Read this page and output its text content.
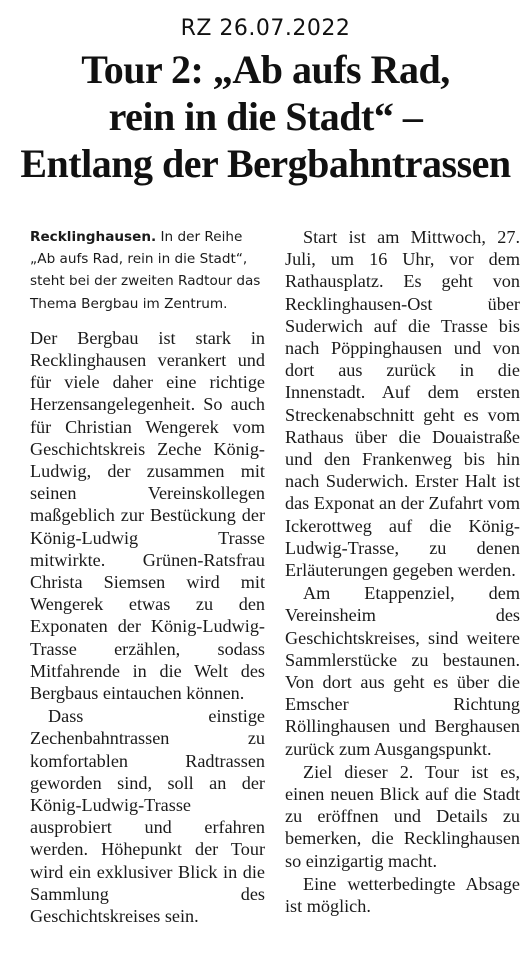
RZ 26.07.2022
Tour 2: „Ab aufs Rad,
rein in die Stadt“ –
Entlang der Bergbahntrassen

Recklinghausen. In der Reihe „Ab aufs Rad, rein in die Stadt“, steht bei der zweiten Radtour das Thema Bergbau im Zentrum.

Der Bergbau ist stark in Recklinghausen verankert und für viele daher eine richtige Herzensangelegenheit. So auch für Christian Wengerek vom Geschichtskreis Zeche König-Ludwig, der zusammen mit seinen Vereinskollegen maßgeblich zur Bestückung der König-Ludwig Trasse mitwirkte. Grünen-Ratsfrau Christa Siemsen wird mit Wengerek etwas zu den Exponaten der König-Ludwig-Trasse erzählen, sodass Mitfahrende in die Welt des Bergbaus eintauchen können.

Dass einstige Zechenbahntrassen zu komfortablen Radtrassen geworden sind, soll an der König-Ludwig-Trasse ausprobiert und erfahren werden. Höhepunkt der Tour wird ein exklusiver Blick in die Sammlung des Geschichtskreises sein.

Start ist am Mittwoch, 27. Juli, um 16 Uhr, vor dem Rathausplatz. Es geht von Recklinghausen-Ost über Suderwich auf die Trasse bis nach Pöppinghausen und von dort aus zurück in die Innenstadt. Auf dem ersten Streckenabschnitt geht es vom Rathaus über die Douaistraße und den Frankenweg bis hin nach Suderwich. Erster Halt ist das Exponat an der Zufahrt vom Ickerottweg auf die König-Ludwig-Trasse, zu denen Erläuterungen gegeben werden.

Am Etappenziel, dem Vereinsheim des Geschichtskreises, sind weitere Sammlerstücke zu bestaunen. Von dort aus geht es über die Emscher Richtung Röllinghausen und Berghausen zurück zum Ausgangspunkt.

Ziel dieser 2. Tour ist es, einen neuen Blick auf die Stadt zu eröffnen und Details zu bemerken, die Recklinghausen so einzigartig macht.

Eine wetterbedingte Absage ist möglich.
